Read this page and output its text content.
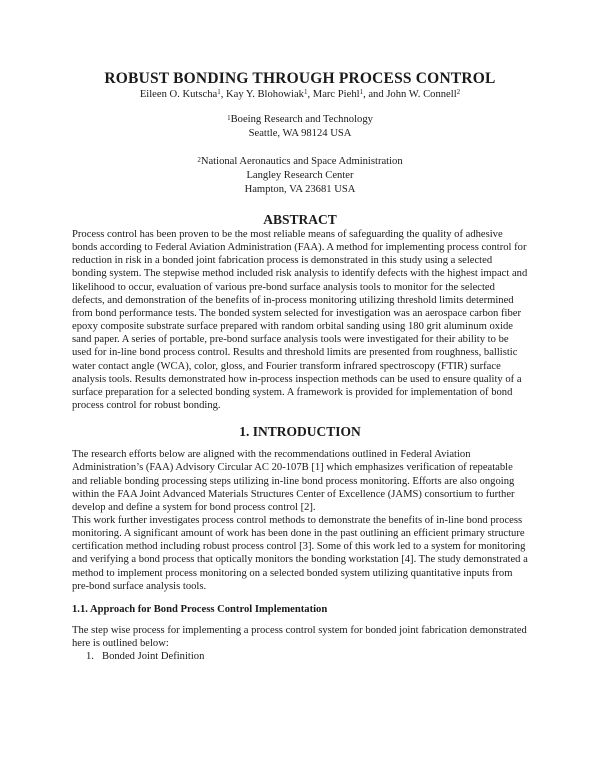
ROBUST BONDING THROUGH PROCESS CONTROL

Eileen O. Kutscha$^1$, Kay Y. Blohowiak$^1$, Marc Piehl$^1$, and John W. Connell$^2$

$^1$Boeing Research and Technology
Seattle, WA 98124 USA
$^2$National Aeronautics and Space Administration
Langley Research Center
Hampton, VA 23681 USA
ABSTRACT

Process control has been proven to be the most reliable means of safeguarding the quality of adhesive bonds according to Federal Aviation Administration (FAA). A method for implementing process control for reduction in risk in a bonded joint fabrication process is demonstrated in this study using a selected bonding system. The stepwise method included risk analysis to identify defects with the highest impact and likelihood to occur, evaluation of various pre-bond surface analysis tools to monitor for the selected defects, and demonstration of the benefits of in-process monitoring utilizing threshold limits determined from bond performance tests. The bonded system selected for investigation was an aerospace carbon fiber epoxy composite substrate surface prepared with random orbital sanding using 180 grit aluminum oxide sand paper. A series of portable, pre-bond surface analysis tools were investigated for their ability to be used for in-line bond process control. Results and threshold limits are presented from roughness, ballistic water contact angle (WCA), color, gloss, and Fourier transform infrared spectroscopy (FTIR) surface analysis tools. Results demonstrated how in-process inspection methods can be used to ensure quality of a surface preparation for a selected bonding system. A framework is provided for implementation of bond process control for robust bonding.

1. INTRODUCTION

The research efforts below are aligned with the recommendations outlined in Federal Aviation Administration’s (FAA) Advisory Circular AC 20-107B [1] which emphasizes verification of repeatable and reliable bonding processing steps utilizing in-line bond process monitoring. Efforts are also ongoing within the FAA Joint Advanced Materials Structures Center of Excellence (JAMS) consortium to further develop and define a system for bond process control [2].

This work further investigates process control methods to demonstrate the benefits of in-line bond process monitoring. A significant amount of work has been done in the past outlining an efficient primary structure certification method including robust process control [3]. Some of this work led to a system for monitoring and verifying a bond process that optically monitors the bonding workstation [4]. The study demonstrated a method to implement process monitoring on a selected bonded system utilizing quantitative inputs from pre-bond surface analysis tools.

1.1. Approach for Bond Process Control Implementation

The step wise process for implementing a process control system for bonded joint fabrication demonstrated here is outlined below:

1. Bonded Joint Definition
